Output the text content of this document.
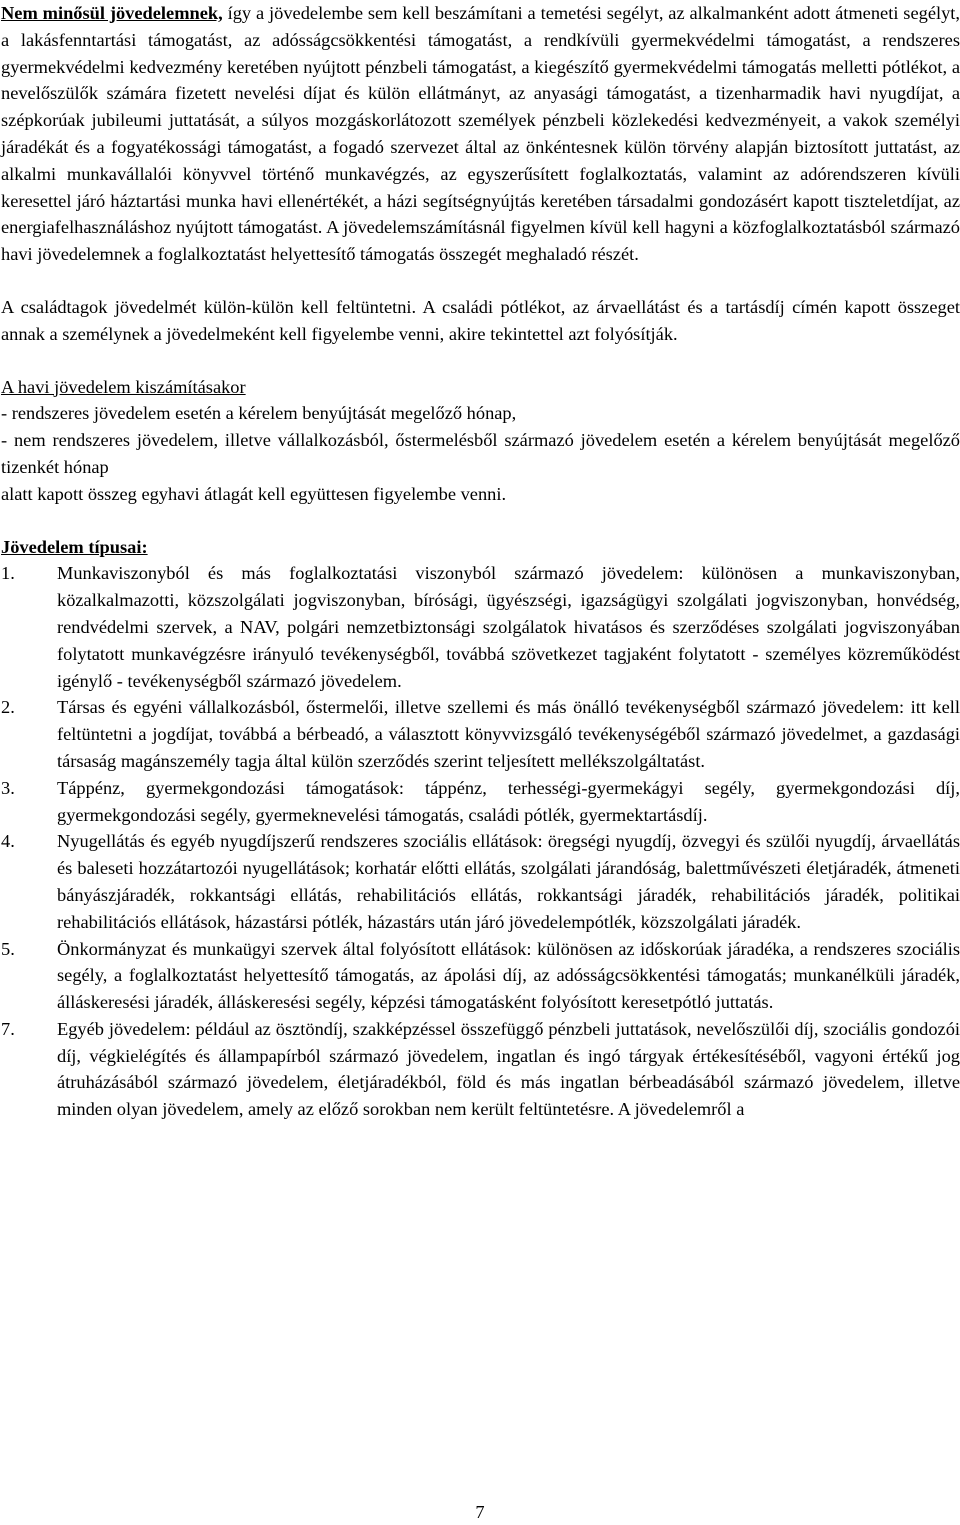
Nem minősül jövedelemnek, így a jövedelembe sem kell beszámítani a temetési segélyt, az alkalmanként adott átmeneti segélyt, a lakásfenntartási támogatást, az adósságcsökkentési támogatást, a rendkívüli gyermekvédelmi támogatást, a rendszeres gyermekvédelmi kedvezmény keretében nyújtott pénzbeli támogatást, a kiegészítő gyermekvédelmi támogatás melletti pótlékot, a nevelőszülők számára fizetett nevelési díjat és külön ellátmányt, az anyasági támogatást, a tizenharmadik havi nyugdíjat, a szépkorúak jubileumi juttatását, a súlyos mozgáskorlátozott személyek pénzbeli közlekedési kedvezményeit, a vakok személyi járadékát és a fogyatékossági támogatást, a fogadó szervezet által az önkéntesnek külön törvény alapján biztosított juttatást, az alkalmi munkavállalói könyvvel történő munkavégzés, az egyszerűsített foglalkoztatás, valamint az adórendszeren kívüli keresettel járó háztartási munka havi ellenértékét, a házi segítségnyújtás keretében társadalmi gondozásért kapott tiszteletdíjat, az energiafelhasználáshoz nyújtott támogatást. A jövedelemszámításnál figyelmen kívül kell hagyni a közfoglalkoztatásból származó havi jövedelemnek a foglalkoztatást helyettesítő támogatás összegét meghaladó részét.

A családtagok jövedelmét külön-külön kell feltüntetni. A családi pótlékot, az árvaellátást és a tartásdíj címén kapott összeget annak a személynek a jövedelmeként kell figyelembe venni, akire tekintettel azt folyósítják.

A havi jövedelem kiszámításakor

- rendszeres jövedelem esetén a kérelem benyújtását megelőző hónap,

- nem rendszeres jövedelem, illetve vállalkozásból, őstermelésből származó jövedelem esetén a kérelem benyújtását megelőző tizenkét hónap

alatt kapott összeg egyhavi átlagát kell együttesen figyelembe venni.

Jövedelem típusai:

1.	Munkaviszonyból és más foglalkoztatási viszonyból származó jövedelem: különösen a munkaviszonyban, közalkalmazotti, közszolgálati jogviszonyban, bírósági, ügyészségi, igazságügyi szolgálati jogviszonyban, honvédség, rendvédelmi szervek, a NAV, polgári nemzetbiztonsági szolgálatok hivatásos és szerződéses szolgálati jogviszonyában folytatott munkavégzésre irányuló tevékenységből, továbbá szövetkezet tagjaként folytatott - személyes közreműködést igénylő - tevékenységből származó jövedelem.
2.	Társas és egyéni vállalkozásból, őstermelői, illetve szellemi és más önálló tevékenységből származó jövedelem: itt kell feltüntetni a jogdíjat, továbbá a bérbeadó, a választott könyvvizsgáló tevékenységéből származó jövedelmet, a gazdasági társaság magánszemély tagja által külön szerződés szerint teljesített mellékszolgáltatást.
3.	Táppénz, gyermekgondozási támogatások: táppénz, terhességi-gyermekágyi segély, gyermekgondozási díj, gyermekgondozási segély, gyermeknevelési támogatás, családi pótlék, gyermektartásdíj.
4.	Nyugellátás és egyéb nyugdíjszerű rendszeres szociális ellátások: öregségi nyugdíj, özvegyi és szülői nyugdíj, árvaellátás és baleseti hozzátartozói nyugellátások; korhatár előtti ellátás, szolgálati járandóság, balettművészeti életjáradék, átmeneti bányászjáradék, rokkantsági ellátás, rehabilitációs ellátás, rokkantsági járadék, rehabilitációs járadék, politikai rehabilitációs ellátások, házastársi pótlék, házastárs után járó jövedelempótlék, közszolgálati járadék.
5.	Önkormányzat és munkaügyi szervek által folyósított ellátások: különösen az időskorúak járadéka, a rendszeres szociális segély, a foglalkoztatást helyettesítő támogatás, az ápolási díj, az adósságcsökkentési támogatás; munkanélküli járadék, álláskeresési járadék, álláskeresési segély, képzési támogatásként folyósított keresetpótló juttatás.
7.	Egyéb jövedelem: például az ösztöndíj, szakképzéssel összefüggő pénzbeli juttatások, nevelőszülői díj, szociális gondozói díj, végkielégítés és állampapírból származó jövedelem, ingatlan és ingó tárgyak értékesítéséből, vagyoni értékű jog átruházásából származó jövedelem, életjáradékból, föld és más ingatlan bérbeadásából származó jövedelem, illetve minden olyan jövedelem, amely az előző sorokban nem került feltüntetésre. A jövedelemről a
7
